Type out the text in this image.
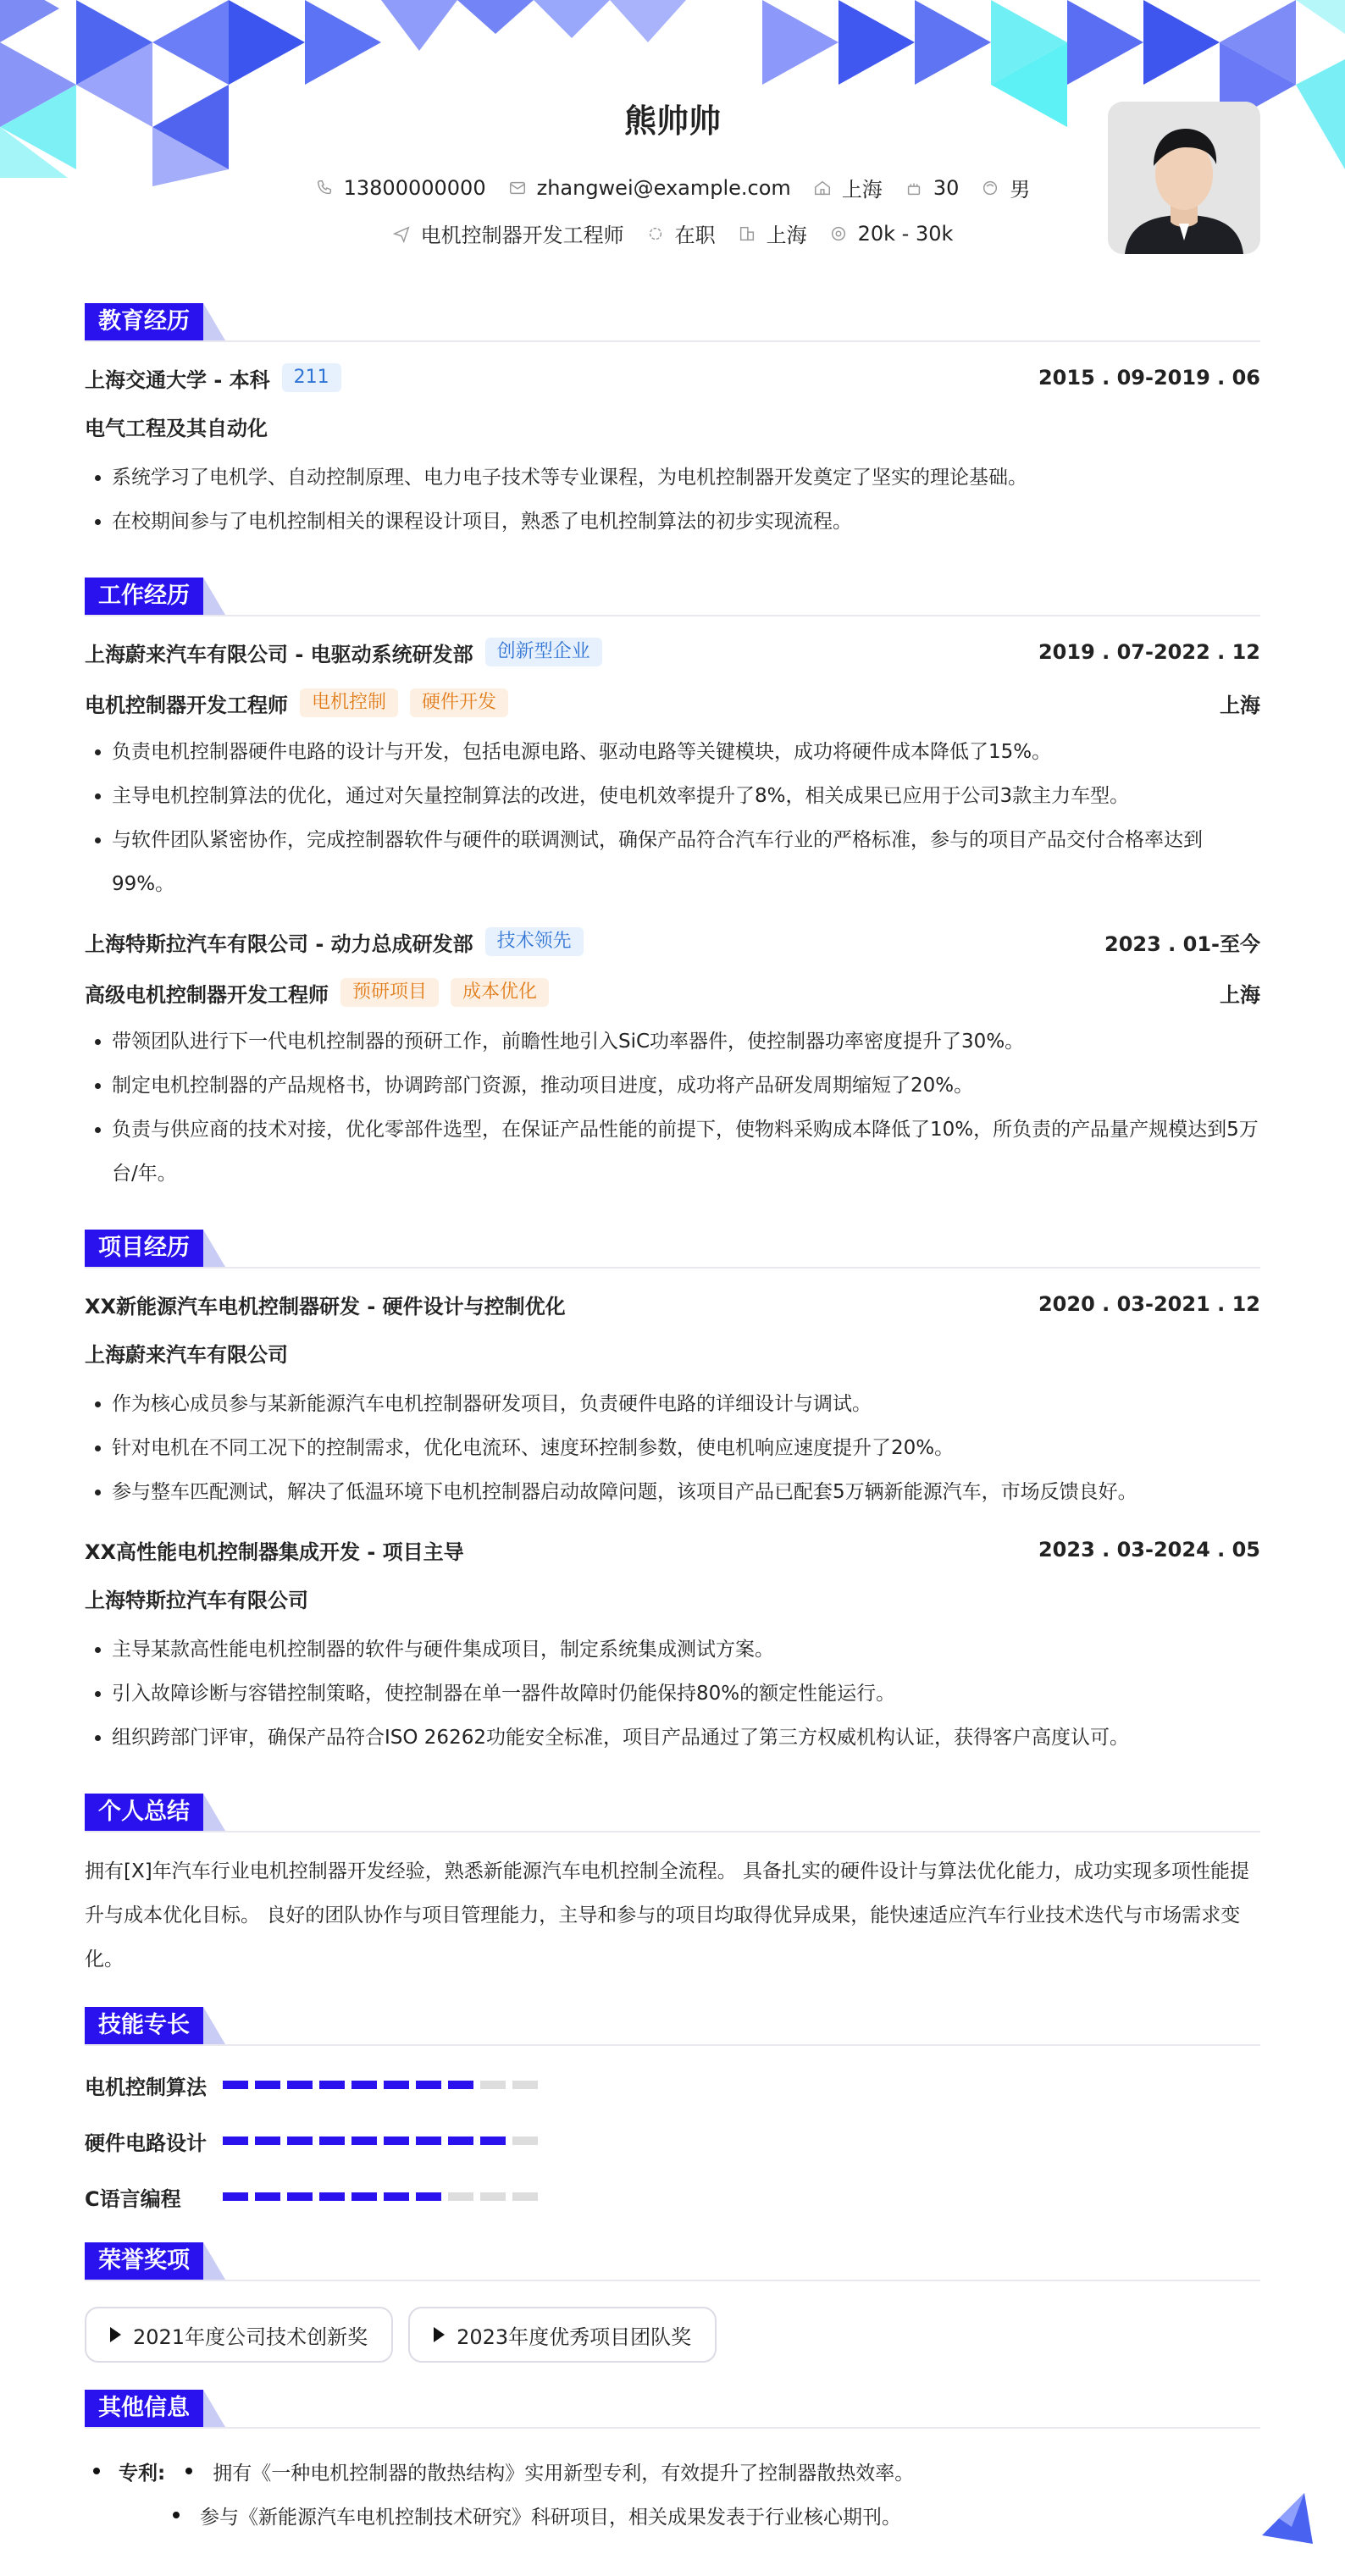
熊帅帅
13800000000	zhangwei@example.com	上海	30	男
电机控制器开发工程师	在职	上海	20k - 30k
教育经历
上海交通大学 - 本科	211	2015 . 09-2019 . 06
电气工程及其自动化
• 系统学习了电机学、自动控制原理、电力电子技术等专业课程，为电机控制器开发奠定了坚实的理论基础。
• 在校期间参与了电机控制相关的课程设计项目，熟悉了电机控制算法的初步实现流程。
工作经历
上海蔚来汽车有限公司 - 电驱动系统研发部	创新型企业	2019 . 07-2022 . 12
电机控制器开发工程师	电机控制	硬件开发	上海
• 负责电机控制器硬件电路的设计与开发，包括电源电路、驱动电路等关键模块，成功将硬件成本降低了15%。
• 主导电机控制算法的优化，通过对矢量控制算法的改进，使电机效率提升了8%，相关成果已应用于公司3款主力车型。
• 与软件团队紧密协作，完成控制器软件与硬件的联调测试，确保产品符合汽车行业的严格标准，参与的项目产品交付合格率达到99%。
上海特斯拉汽车有限公司 - 动力总成研发部	技术领先	2023 . 01-至今
高级电机控制器开发工程师	预研项目	成本优化	上海
• 带领团队进行下一代电机控制器的预研工作，前瞻性地引入SiC功率器件，使控制器功率密度提升了30%。
• 制定电机控制器的产品规格书，协调跨部门资源，推动项目进度，成功将产品研发周期缩短了20%。
• 负责与供应商的技术对接，优化零部件选型，在保证产品性能的前提下，使物料采购成本降低了10%，所负责的产品量产规模达到5万台/年。
项目经历
XX新能源汽车电机控制器研发 - 硬件设计与控制优化	2020 . 03-2021 . 12
上海蔚来汽车有限公司
• 作为核心成员参与某新能源汽车电机控制器研发项目，负责硬件电路的详细设计与调试。
• 针对电机在不同工况下的控制需求，优化电流环、速度环控制参数，使电机响应速度提升了20%。
• 参与整车匹配测试，解决了低温环境下电机控制器启动故障问题，该项目产品已配套5万辆新能源汽车，市场反馈良好。
XX高性能电机控制器集成开发 - 项目主导	2023 . 03-2024 . 05
上海特斯拉汽车有限公司
• 主导某款高性能电机控制器的软件与硬件集成项目，制定系统集成测试方案。
• 引入故障诊断与容错控制策略，使控制器在单一器件故障时仍能保持80%的额定性能运行。
• 组织跨部门评审，确保产品符合ISO 26262功能安全标准，项目产品通过了第三方权威机构认证，获得客户高度认可。
个人总结
拥有[X]年汽车行业电机控制器开发经验，熟悉新能源汽车电机控制全流程。 具备扎实的硬件设计与算法优化能力，成功实现多项性能提升与成本优化目标。 良好的团队协作与项目管理能力，主导和参与的项目均取得优异成果，能快速适应汽车行业技术迭代与市场需求变化。
技能专长
电机控制算法
硬件电路设计
C语言编程
荣誉奖项
2021年度公司技术创新奖	2023年度优秀项目团队奖
其他信息
专利: 拥有《一种电机控制器的散热结构》实用新型专利，有效提升了控制器散热效率。
参与《新能源汽车电机控制技术研究》科研项目，相关成果发表于行业核心期刊。
